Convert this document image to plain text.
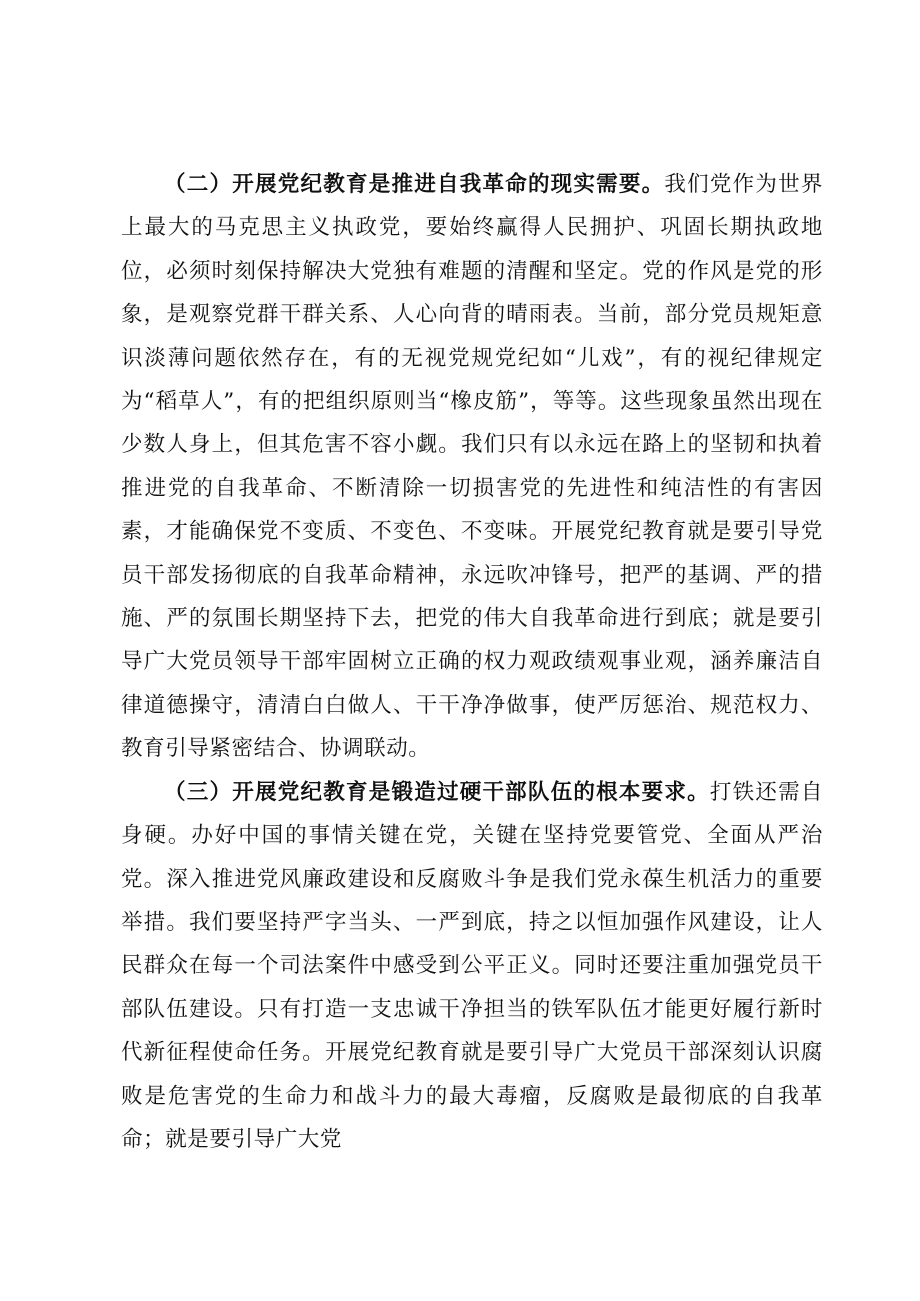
（二）开展党纪教育是推进自我革命的现实需要。我们党作为世界上最大的马克思主义执政党，要始终赢得人民拥护、巩固长期执政地位，必须时刻保持解决大党独有难题的清醒和坚定。党的作风是党的形象，是观察党群干群关系、人心向背的晴雨表。当前，部分党员规矩意识淡薄问题依然存在，有的无视党规党纪如“儿戏”，有的视纪律规定为“稻草人”，有的把组织原则当“橡皮筋”，等等。这些现象虽然出现在少数人身上，但其危害不容小觑。我们只有以永远在路上的坚韧和执着推进党的自我革命、不断清除一切损害党的先进性和纯洁性的有害因素，才能确保党不变质、不变色、不变味。开展党纪教育就是要引导党员干部发扬彻底的自我革命精神，永远吹冲锋号，把严的基调、严的措施、严的氛围长期坚持下去，把党的伟大自我革命进行到底；就是要引导广大党员领导干部牢固树立正确的权力观政绩观事业观，涵养廉洁自律道德操守，清清白白做人、干干净净做事，使严厉惩治、规范权力、教育引导紧密结合、协调联动。

（三）开展党纪教育是锻造过硬干部队伍的根本要求。打铁还需自身硬。办好中国的事情关键在党，关键在坚持党要管党、全面从严治党。深入推进党风廉政建设和反腐败斗争是我们党永葆生机活力的重要举措。我们要坚持严字当头、一严到底，持之以恒加强作风建设，让人民群众在每一个司法案件中感受到公平正义。同时还要注重加强党员干部队伍建设。只有打造一支忠诚干净担当的铁军队伍才能更好履行新时代新征程使命任务。开展党纪教育就是要引导广大党员干部深刻认识腐败是危害党的生命力和战斗力的最大毒瘤，反腐败是最彻底的自我革命；就是要引导广大党
